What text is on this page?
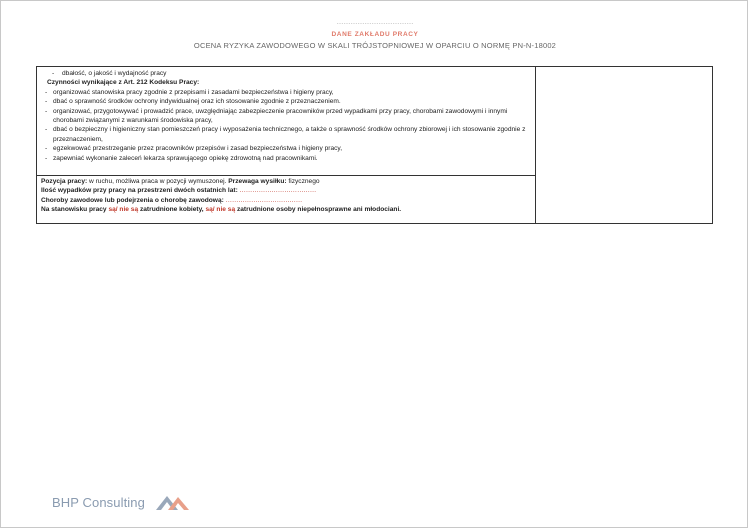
……………………………
DANE ZAKŁADU PRACY
OCENA RYZYKA ZAWODOWEGO W SKALI TRÓJSTOPNIOWEJ W OPARCIU O NORMĘ PN-N-18002
- dbałość, o jakość i wydajność pracy
Czynności wynikające z Art. 212 Kodeksu Pracy:
- organizować stanowiska pracy zgodnie z przepisami i zasadami bezpieczeństwa i higieny pracy,
- dbać o sprawność środków ochrony indywidualnej oraz ich stosowanie zgodnie z przeznaczeniem.
- organizować, przygotowywać i prowadzić prace, uwzględniając zabezpieczenie pracowników przed wypadkami przy pracy, chorobami zawodowymi i innymi chorobami związanymi z warunkami środowiska pracy,
- dbać o bezpieczny i higieniczny stan pomieszczeń pracy i wyposażenia technicznego, a także o sprawność środków ochrony zbiorowej i ich stosowanie zgodnie z przeznaczeniem,
- egzekwować przestrzeganie przez pracowników przepisów i zasad bezpieczeństwa i higieny pracy,
- zapewniać wykonanie zaleceń lekarza sprawującego opiekę zdrowotną nad pracownikami.
Pozycja pracy: w ruchu, możliwa praca w pozycji wymuszonej. Przewaga wysiłku: fizycznego
Ilość wypadków przy pracy na przestrzeni dwóch ostatnich lat: ………………………………
Choroby zawodowe lub podejrzenia o chorobę zawodową: ………………………………
Na stanowisku pracy są/ nie są zatrudnione kobiety, są/ nie są zatrudnione osoby niepełnosprawne ani młodociani.
BHP Consulting
